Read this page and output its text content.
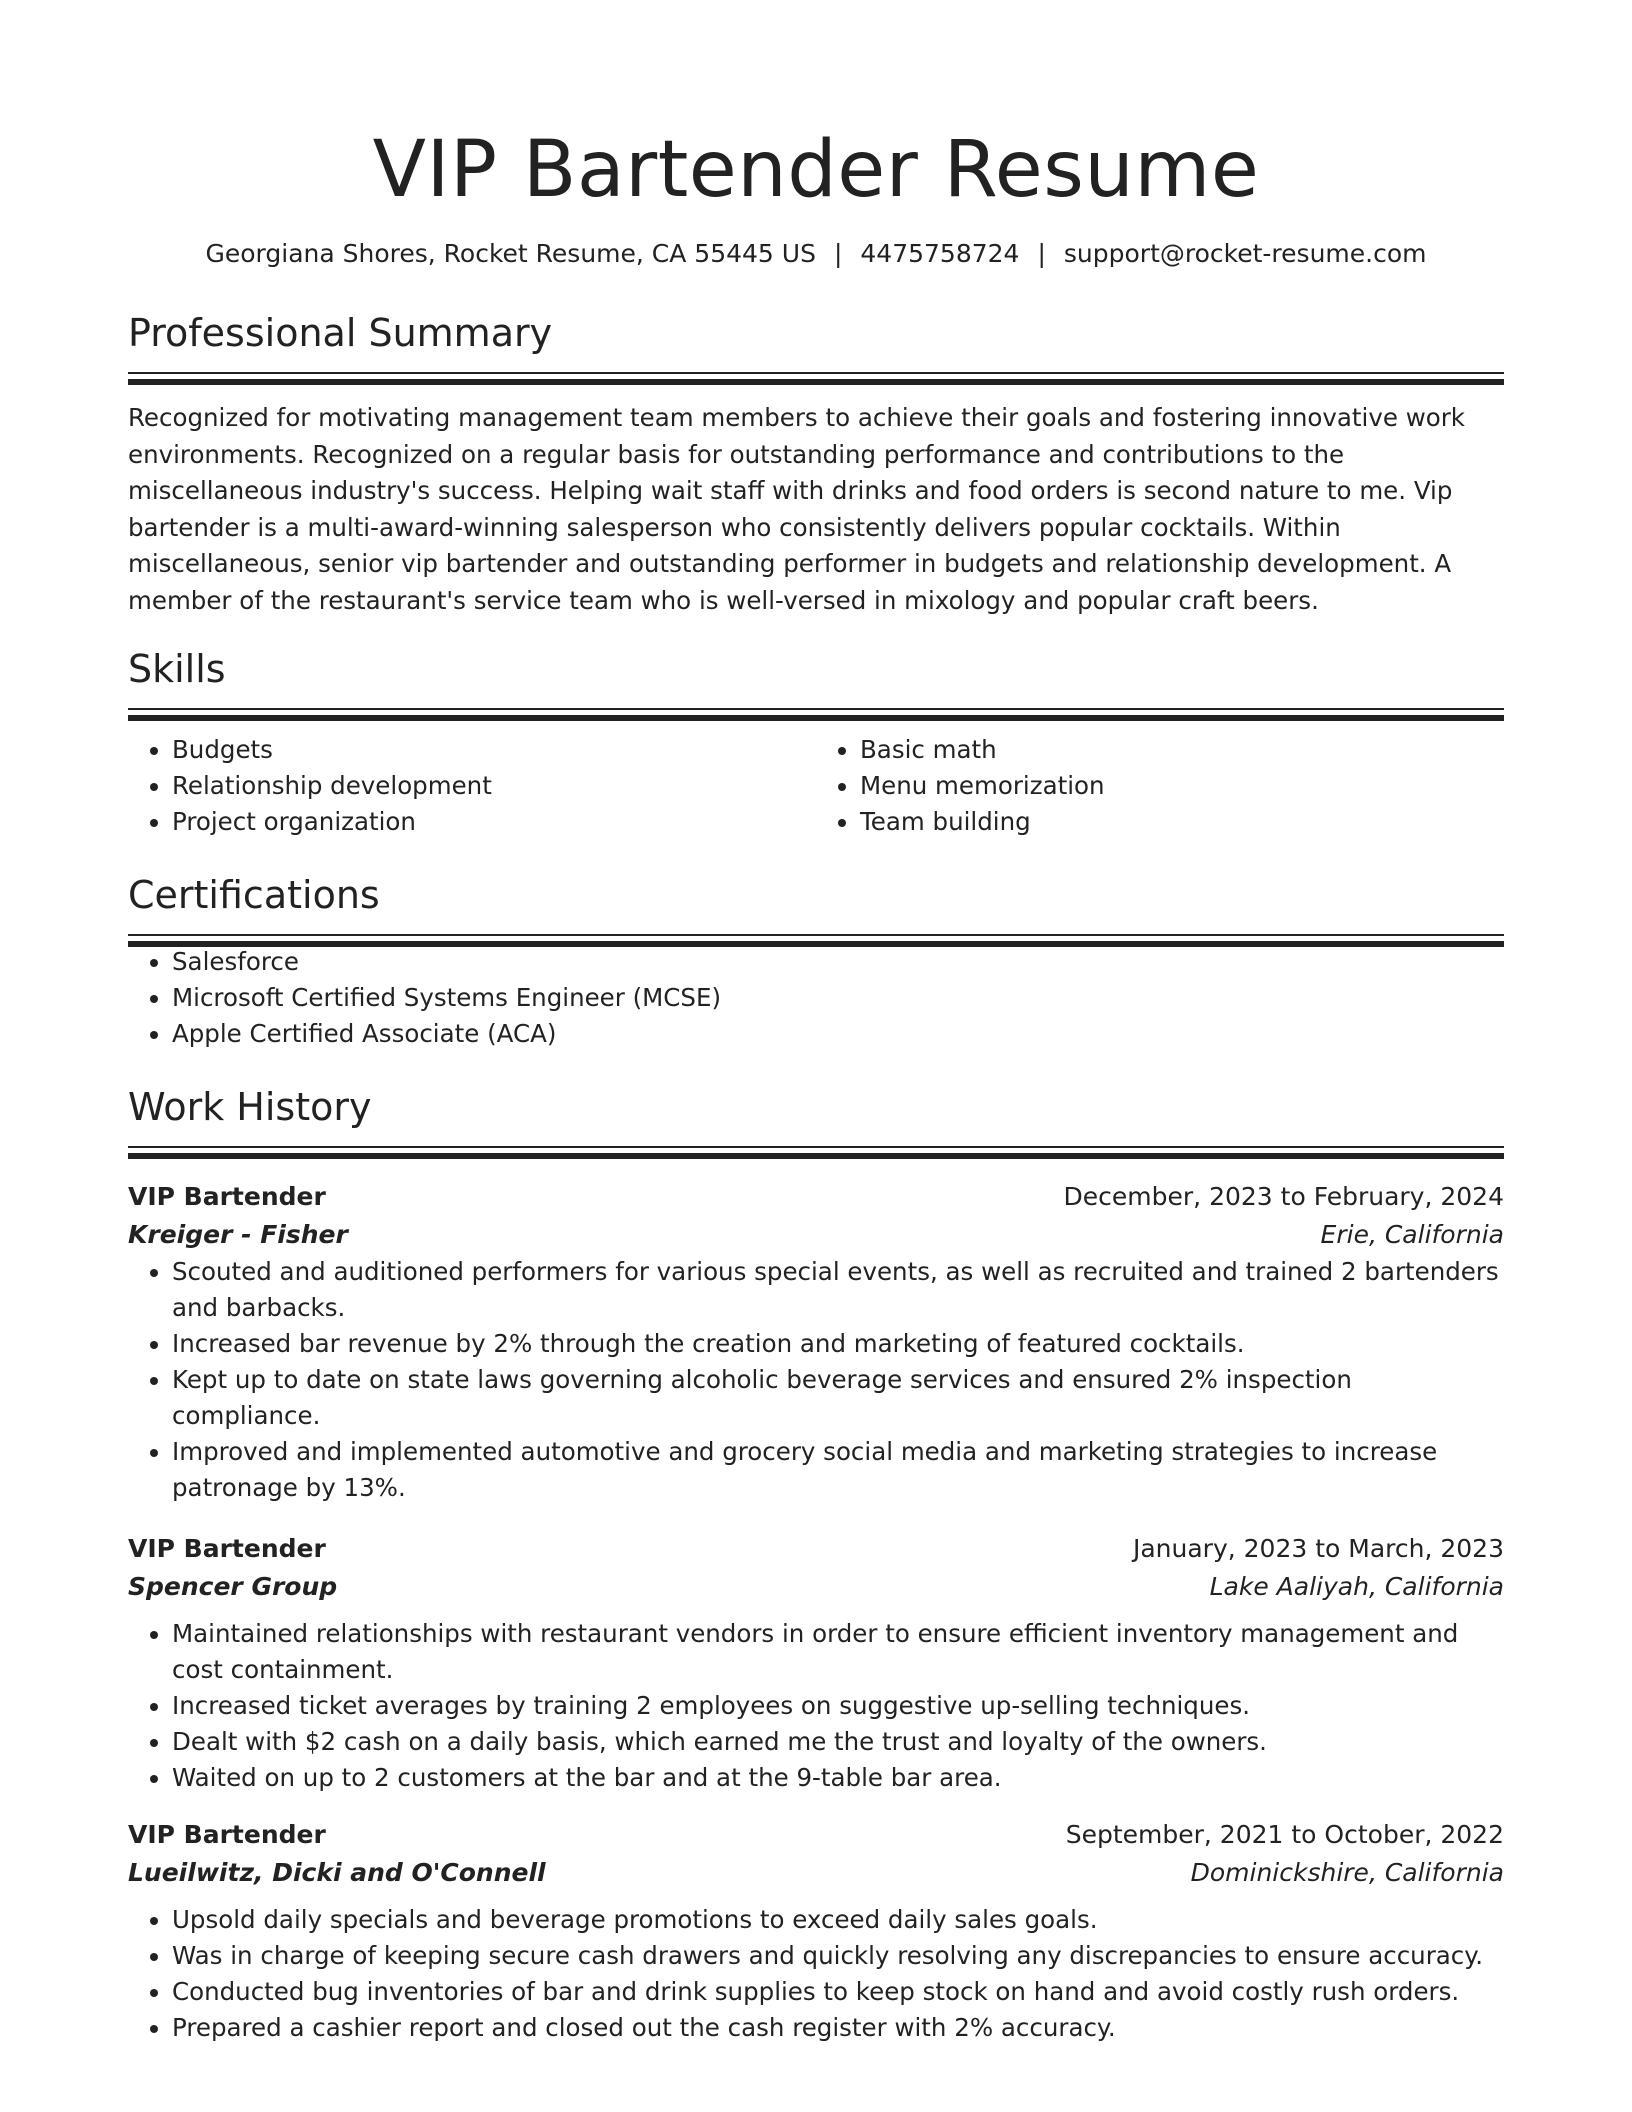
VIP Bartender Resume
Georgiana Shores, Rocket Resume, CA 55445 US | 4475758724 | support@rocket-resume.com
Professional Summary

Recognized for motivating management team members to achieve their goals and fostering innovative work environments. Recognized on a regular basis for outstanding performance and contributions to the miscellaneous industry's success. Helping wait staff with drinks and food orders is second nature to me. Vip bartender is a multi-award-winning salesperson who consistently delivers popular cocktails. Within miscellaneous, senior vip bartender and outstanding performer in budgets and relationship development. A member of the restaurant's service team who is well-versed in mixology and popular craft beers.

Skills
• Budgets
• Relationship development
• Project organization
• Basic math
• Menu memorization
• Team building
Certifications
• Salesforce
• Microsoft Certified Systems Engineer (MCSE)
• Apple Certified Associate (ACA)
Work History
VIP Bartender	December, 2023 to February, 2024
Kreiger - Fisher	Erie, California
• Scouted and auditioned performers for various special events, as well as recruited and trained 2 bartenders and barbacks.
• Increased bar revenue by 2% through the creation and marketing of featured cocktails.
• Kept up to date on state laws governing alcoholic beverage services and ensured 2% inspection compliance.
• Improved and implemented automotive and grocery social media and marketing strategies to increase patronage by 13%.
VIP Bartender	January, 2023 to March, 2023
Spencer Group	Lake Aaliyah, California
• Maintained relationships with restaurant vendors in order to ensure efficient inventory management and cost containment.
• Increased ticket averages by training 2 employees on suggestive up-selling techniques.
• Dealt with $2 cash on a daily basis, which earned me the trust and loyalty of the owners.
• Waited on up to 2 customers at the bar and at the 9-table bar area.
VIP Bartender	September, 2021 to October, 2022
Lueilwitz, Dicki and O'Connell	Dominickshire, California
• Upsold daily specials and beverage promotions to exceed daily sales goals.
• Was in charge of keeping secure cash drawers and quickly resolving any discrepancies to ensure accuracy.
• Conducted bug inventories of bar and drink supplies to keep stock on hand and avoid costly rush orders.
• Prepared a cashier report and closed out the cash register with 2% accuracy.
